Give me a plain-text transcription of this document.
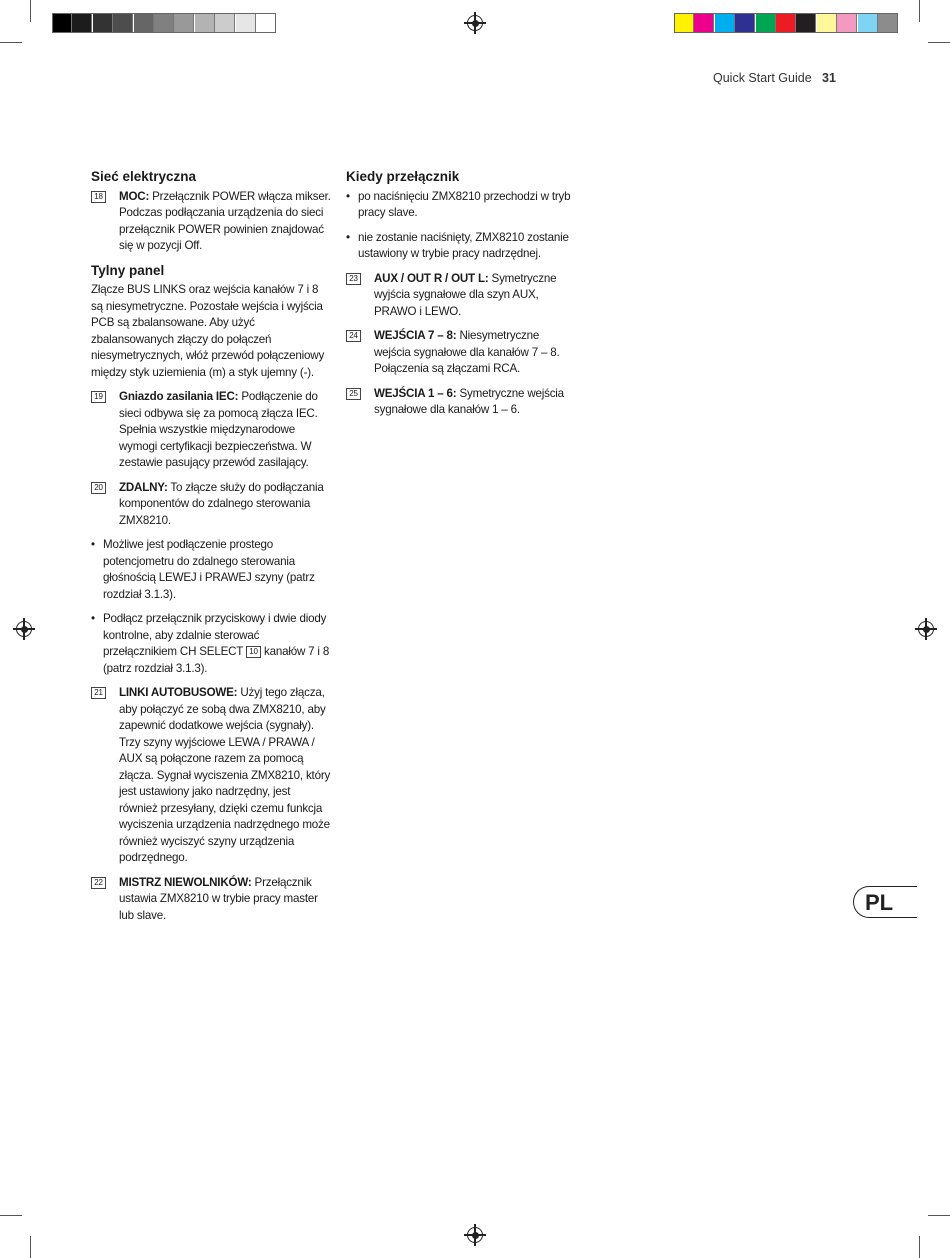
Quick Start Guide 31
Sieć elektryczna
18 MOC: Przełącznik POWER włącza mikser. Podczas podłączania urządzenia do sieci przełącznik POWER powinien znajdować się w pozycji Off.
Tylny panel
Złącze BUS LINKS oraz wejścia kanałów 7 i 8 są niesymetryczne. Pozostałe wejścia i wyjścia PCB są zbalansowane. Aby użyć zbalansowanych złączy do połączeń niesymetrycznych, włóż przewód połączeniowy między styk uziemienia (m) a styk ujemny (-).
19 Gniazdo zasilania IEC: Podłączenie do sieci odbywa się za pomocą złącza IEC. Spełnia wszystkie międzynarodowe wymogi certyfikacji bezpieczeństwa. W zestawie pasujący przewód zasilający.
20 ZDALNY: To złącze służy do podłączania komponentów do zdalnego sterowania ZMX8210.
• Możliwe jest podłączenie prostego potencjometru do zdalnego sterowania głośnością LEWEJ i PRAWEJ szyny (patrz rozdział 3.1.3).
• Podłącz przełącznik przyciskowy i dwie diody kontrolne, aby zdalnie sterować przełącznikiem CH SELECT 10 kanałów 7 i 8 (patrz rozdział 3.1.3).
21 LINKI AUTOBUSOWE: Użyj tego złącza, aby połączyć ze sobą dwa ZMX8210, aby zapewnić dodatkowe wejścia (sygnały). Trzy szyny wyjściowe LEWA / PRAWA / AUX są połączone razem za pomocą złącza. Sygnał wyciszenia ZMX8210, który jest ustawiony jako nadrzędny, jest również przesyłany, dzięki czemu funkcja wyciszenia urządzenia nadrzędnego może również wyciszyć szyny urządzenia podrzędnego.
22 MISTRZ NIEWOLNIKÓW: Przełącznik ustawia ZMX8210 w trybie pracy master lub slave.
Kiedy przełącznik
• po naciśnięciu ZMX8210 przechodzi w tryb pracy slave.
• nie zostanie naciśnięty, ZMX8210 zostanie ustawiony w trybie pracy nadrzędnej.
23 AUX / OUT R / OUT L: Symetryczne wyjścia sygnałowe dla szyn AUX, PRAWO i LEWO.
24 WEJŚCIA 7 – 8: Niesymetryczne wejścia sygnałowe dla kanałów 7 – 8. Połączenia są złączami RCA.
25 WEJŚCIA 1 – 6: Symetryczne wejścia sygnałowe dla kanałów 1 – 6.
PL
